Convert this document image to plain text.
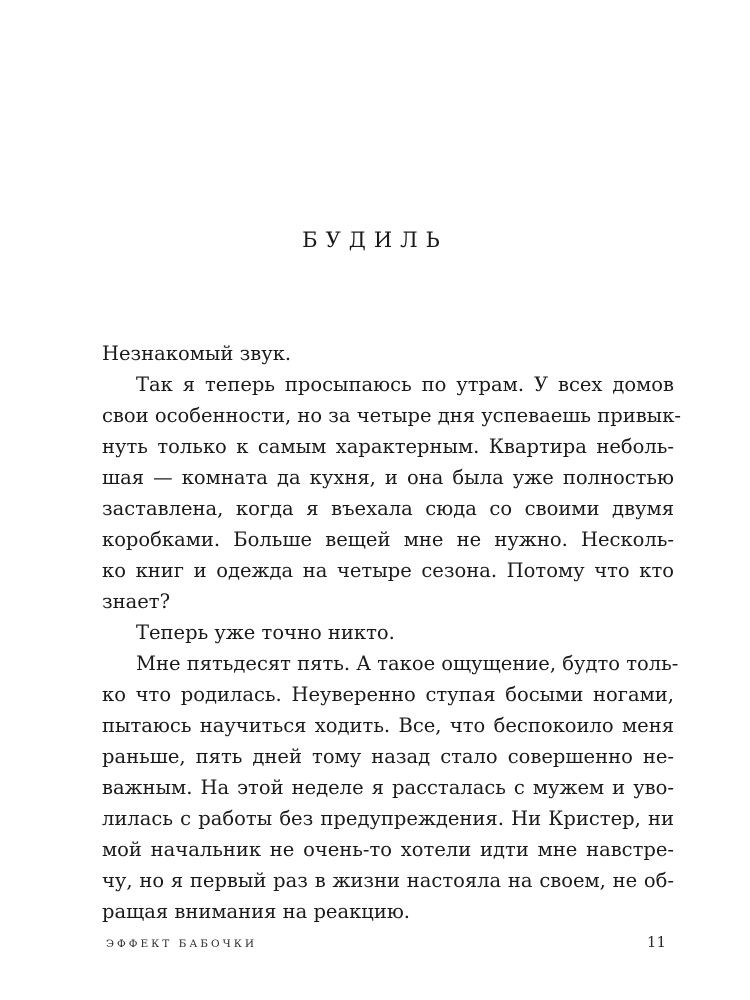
БУДИЛЬ
Незнакомый звук.
Так я теперь просыпаюсь по утрам. У всех домов
свои особенности, но за четыре дня успеваешь привык-
нуть только к самым характерным. Квартира неболь-
шая — комната да кухня, и она была уже полностью
заставлена, когда я въехала сюда со своими двумя
коробками. Больше вещей мне не нужно. Несколь-
ко книг и одежда на четыре сезона. Потому что кто
знает?
Теперь уже точно никто.
Мне пятьдесят пять. А такое ощущение, будто толь-
ко что родилась. Неуверенно ступая босыми ногами,
пытаюсь научиться ходить. Все, что беспокоило меня
раньше, пять дней тому назад стало совершенно не-
важным. На этой неделе я рассталась с мужем и уво-
лилась с работы без предупреждения. Ни Кристер, ни
мой начальник не очень-то хотели идти мне навстре-
чу, но я первый раз в жизни настояла на своем, не об-
ращая внимания на реакцию.
ЭФФЕКТ БАБОЧКИ	11
